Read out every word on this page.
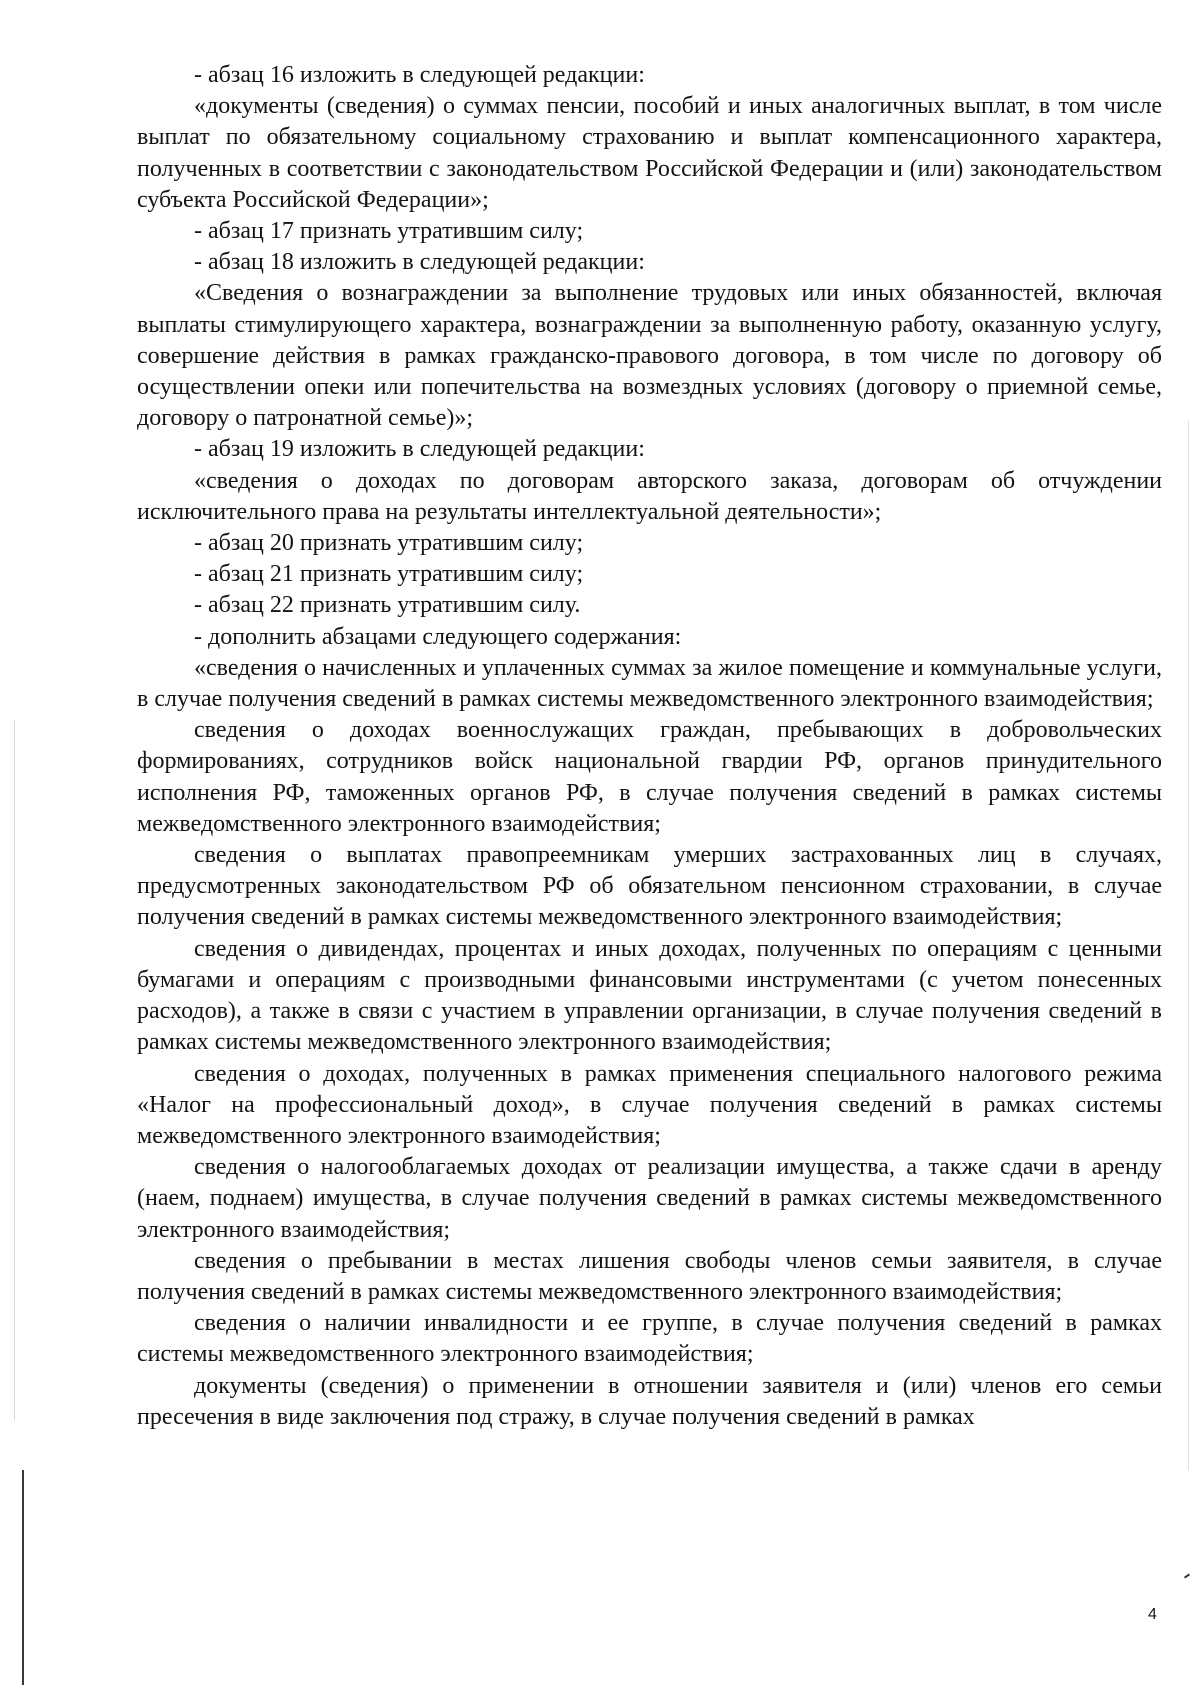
- абзац 16 изложить в следующей редакции:

«документы (сведения) о суммах пенсии, пособий и иных аналогичных выплат, в том числе выплат по обязательному социальному страхованию и выплат компенсационного характера, полученных в соответствии с законодательством Российской Федерации и (или) законодательством субъекта Российской Федерации»;

- абзац 17 признать утратившим силу;

- абзац 18 изложить в следующей редакции:

«Сведения о вознаграждении за выполнение трудовых или иных обязанностей, включая выплаты стимулирующего характера, вознаграждении за выполненную работу, оказанную услугу, совершение действия в рамках гражданско-правового договора, в том числе по договору об осуществлении опеки или попечительства на возмездных условиях (договору о приемной семье, договору о патронатной семье)»;

- абзац 19 изложить в следующей редакции:

«сведения о доходах по договорам авторского заказа, договорам об отчуждении исключительного права на результаты интеллектуальной деятельности»;

- абзац 20 признать утратившим силу;

- абзац 21 признать утратившим силу;

- абзац 22 признать утратившим силу.

- дополнить абзацами следующего содержания:

«сведения о начисленных и уплаченных суммах за жилое помещение и коммунальные услуги, в случае получения сведений в рамках системы межведомственного электронного взаимодействия;

сведения о доходах военнослужащих граждан, пребывающих в добровольческих формированиях, сотрудников войск национальной гвардии РФ, органов принудительного исполнения РФ, таможенных органов РФ, в случае получения сведений в рамках системы межведомственного электронного взаимодействия;

сведения о выплатах правопреемникам умерших застрахованных лиц в случаях, предусмотренных законодательством РФ об обязательном пенсионном страховании, в случае получения сведений в рамках системы межведомственного электронного взаимодействия;

сведения о дивидендах, процентах и иных доходах, полученных по операциям с ценными бумагами и операциям с производными финансовыми инструментами (с учетом понесенных расходов), а также в связи с участием в управлении организации, в случае получения сведений в рамках системы межведомственного электронного взаимодействия;

сведения о доходах, полученных в рамках применения специального налогового режима «Налог на профессиональный доход», в случае получения сведений в рамках системы межведомственного электронного взаимодействия;

сведения о налогооблагаемых доходах от реализации имущества, а также сдачи в аренду (наем, поднаем) имущества, в случае получения сведений в рамках системы межведомственного электронного взаимодействия;

сведения о пребывании в местах лишения свободы членов семьи заявителя, в случае получения сведений в рамках системы межведомственного электронного взаимодействия;

сведения о наличии инвалидности и ее группе, в случае получения сведений в рамках системы межведомственного электронного взаимодействия;

документы (сведения) о применении в отношении заявителя и (или) членов его семьи пресечения в виде заключения под стражу, в случае получения сведений в рамках

4
